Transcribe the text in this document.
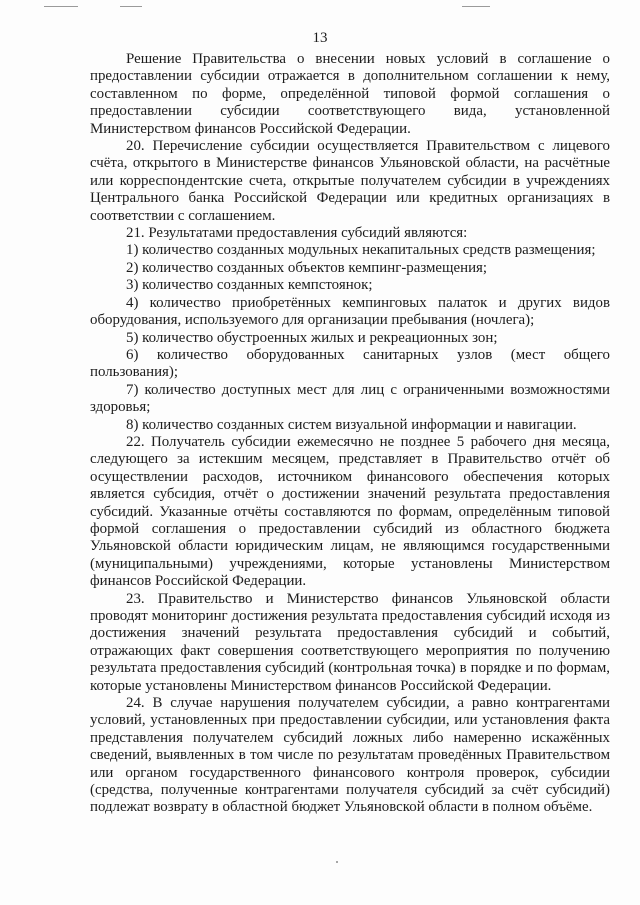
13

Решение Правительства о внесении новых условий в соглашение о предоставлении субсидии отражается в дополнительном соглашении к нему, составленном по форме, определённой типовой формой соглашения о предоставлении субсидии соответствующего вида, установленной Министерством финансов Российской Федерации.

20. Перечисление субсидии осуществляется Правительством с лицевого счёта, открытого в Министерстве финансов Ульяновской области, на расчётные или корреспондентские счета, открытые получателем субсидии в учреждениях Центрального банка Российской Федерации или кредитных организациях в соответствии с соглашением.

21. Результатами предоставления субсидий являются:

1) количество созданных модульных некапитальных средств размещения;

2) количество созданных объектов кемпинг-размещения;

3) количество созданных кемпстоянок;

4) количество приобретённых кемпинговых палаток и других видов оборудования, используемого для организации пребывания (ночлега);

5) количество обустроенных жилых и рекреационных зон;

6) количество оборудованных санитарных узлов (мест общего пользования);

7) количество доступных мест для лиц с ограниченными возможностями здоровья;

8) количество созданных систем визуальной информации и навигации.

22. Получатель субсидии ежемесячно не позднее 5 рабочего дня месяца, следующего за истекшим месяцем, представляет в Правительство отчёт об осуществлении расходов, источником финансового обеспечения которых является субсидия, отчёт о достижении значений результата предоставления субсидий. Указанные отчёты составляются по формам, определённым типовой формой соглашения о предоставлении субсидий из областного бюджета Ульяновской области юридическим лицам, не являющимся государственными (муниципальными) учреждениями, которые установлены Министерством финансов Российской Федерации.

23. Правительство и Министерство финансов Ульяновской области проводят мониторинг достижения результата предоставления субсидий исходя из достижения значений результата предоставления субсидий и событий, отражающих факт совершения соответствующего мероприятия по получению результата предоставления субсидий (контрольная точка) в порядке и по формам, которые установлены Министерством финансов Российской Федерации.

24. В случае нарушения получателем субсидии, а равно контрагентами условий, установленных при предоставлении субсидии, или установления факта представления получателем субсидий ложных либо намеренно искажённых сведений, выявленных в том числе по результатам проведённых Правительством или органом государственного финансового контроля проверок, субсидии (средства, полученные контрагентами получателя субсидий за счёт субсидий) подлежат возврату в областной бюджет Ульяновской области в полном объёме.
